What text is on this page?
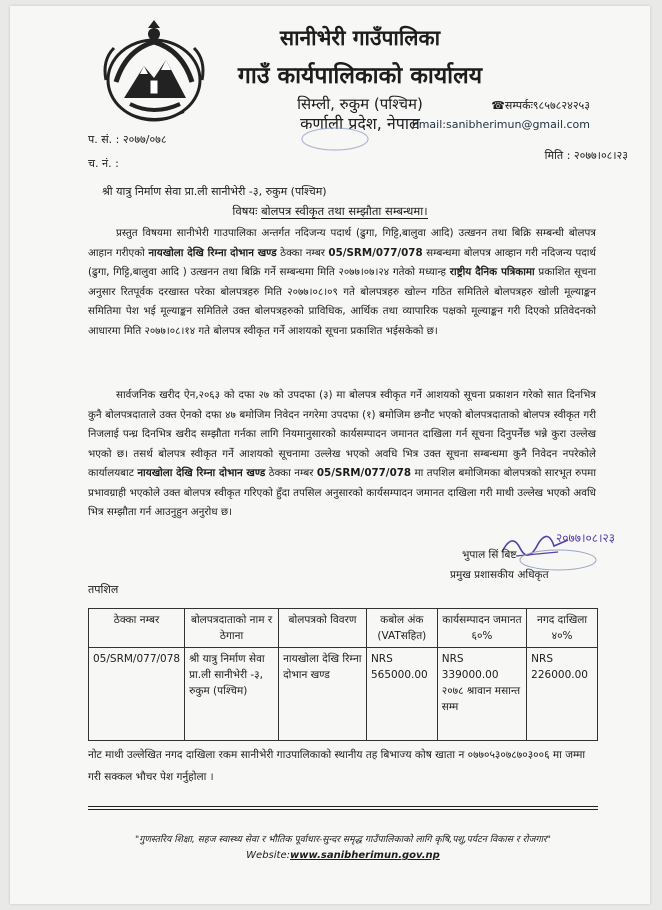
सानीभेरी गाउँपालिका
गाउँ कार्यपालिकाको कार्यालय
सिम्ली, रुकुम (पश्चिम)
कर्णाली प्रदेश, नेपाल
☎सम्पर्कः९८५७८२४२५३
Email:sanibherimun@gmail.com
प. सं. : २०७७/०७८
च. नं. :
मिति : २०७७।०८।२३
श्री यात्रु निर्माण सेवा प्रा.ली सानीभेरी -३, रुकुम (पश्चिम)
विषयः बोलपत्र स्वीकृत तथा सम्झौता सम्बन्धमा।
प्रस्तुत विषयमा सानीभेरी गाउपालिका अन्तर्गत नदिजन्य पदार्थ (ढुगा, गिट्टि,बालुवा आदि) उत्खनन तथा बिक्रि सम्बन्धी बोलपत्र आहान गरीएको नायखोला देखि रिम्ना दोभान खण्ड ठेक्का नम्बर 05/SRM/077/078 सम्बन्धमा बोलपत्र आव्हान गरी नदिजन्य पदार्थ (ढुगा, गिट्टि,बालुवा आदि ) उत्खनन तथा बिक्रि गर्ने सम्बन्धमा मिति २०७७।०७।२४ गतेको मध्यान्ह राष्ट्रीय दैनिक पत्रिकामा प्रकाशित सूचना अनुसार रितपूर्वक दरखास्त परेका बोलपत्रहरु मिति २०७७।०८।०९ गते बोलपत्रहरु खोल्न गठित समितिले बोलपत्रहरु खोली मूल्याङ्कन समितिमा पेश भई मूल्याङ्कन समितिले उक्त बोलपत्रहरुको प्राविधिक, आर्थिक तथा व्यापारिक पक्षको मूल्याङ्कन गरी दिएको प्रतिवेदनको आधारमा मिति २०७७।०८।१४ गते बोलपत्र स्वीकृत गर्ने आशयको सूचना प्रकाशित भईसकेको छ।
सार्वजनिक खरीद ऐन,२०६३ को दफा २७ को उपदफा (३) मा बोलपत्र स्वीकृत गर्ने आशयको सूचना प्रकाशन गरेको सात दिनभित्र कुनै बोलपत्रदाताले उक्त ऐनको दफा ४७ बमोजिम निवेदन नगरेमा उपदफा (१) बमोजिम छनौट भएको बोलपत्रदाताको बोलपत्र स्वीकृत गरी निजलाई पन्ध्र दिनभित्र खरीद सम्झौता गर्नका लागि नियमानुसारको कार्यसम्पादन जमानत दाखिला गर्न सूचना दिनुपर्नेछ भन्ने कुरा उल्लेख भएको छ। तसर्थ बोलपत्र स्वीकृत गर्ने आशयको सूचनामा उल्लेख भएको अवधि भित्र उक्त सूचना सम्बन्धमा कुनै निवेदन नपरेकोले कार्यालयबाट नायखोला देखि रिम्ना दोभान खण्ड ठेक्का नम्बर 05/SRM/077/078 मा तपशिल बमोजिमका बोलपत्रको सारभूत रुपमा प्रभावग्राही भएकोले उक्त बोलपत्र स्वीकृत गरिएको हुँदा तपसिल अनुसारको कार्यसम्पादन जमानत दाखिला गरी माथी उल्लेख भएको अवधि भित्र सम्झौता गर्न आउनुहुन अनुरोध छ।
२०७७।०८।२३
भुपाल सिं बिष्ट
प्रमुख प्रशासकीय अधिकृत
तपशिल
ठेक्का नम्बर	बोलपत्रदाताको नाम र ठेगाना	बोलपत्रको विवरण	कबोल अंक (VATसहित)	कार्यसम्पादन जमानत ६०%	नगद दाखिला ४०%
05/SRM/077/078	श्री यात्रु निर्माण सेवा प्रा.ली सानीभेरी -३, रुकुम (पश्चिम)	नायखोला देखि रिम्ना दोभान खण्ड	NRS 565000.00	NRS 339000.00 २०७८ श्रावान मसान्त सम्म	NRS 226000.00
नोट माथी उल्लेखित नगद दाखिला रकम सानीभेरी गाउपालिकाको स्थानीय तह बिभाज्य कोष खाता न ०७७०५३०७८७०३००६ मा जम्मा गरी सक्कल भौचर पेश गर्नुहोला ।
"गुणस्तरिय शिक्षा, सहज स्वास्थ्य सेवा र भौतिक पूर्वाधार-सुन्दर समृद्ध गाउँपालिकाको लागि कृषि,पशु,पर्यटन विकास र रोजगार"
Website:www.sanibherimun.gov.np
